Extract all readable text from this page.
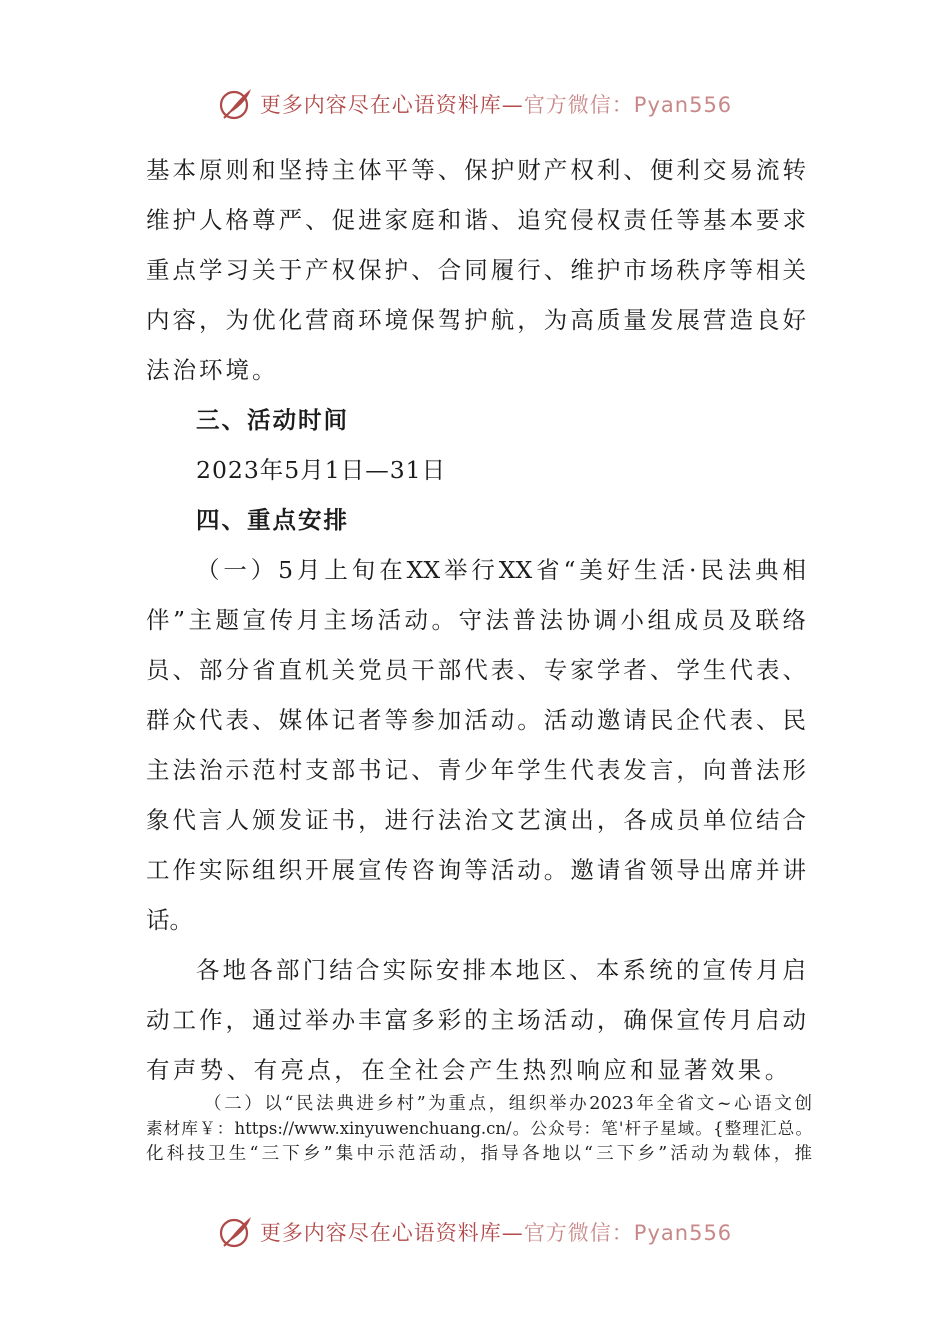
更多内容尽在心语资料库—官方微信：Pyan556
基本原则和坚持主体平等、保护财产权利、便利交易流转
维护人格尊严、促进家庭和谐、追究侵权责任等基本要求
重点学习关于产权保护、合同履行、维护市场秩序等相关
内容，为优化营商环境保驾护航，为高质量发展营造良好
法治环境。
三、活动时间
2023年5月1日—31日
四、重点安排
（一）5月上旬在XX举行XX省“美好生活·民法典相
伴”主题宣传月主场活动。守法普法协调小组成员及联络
员、部分省直机关党员干部代表、专家学者、学生代表、
群众代表、媒体记者等参加活动。活动邀请民企代表、民
主法治示范村支部书记、青少年学生代表发言，向普法形
象代言人颁发证书，进行法治文艺演出，各成员单位结合
工作实际组织开展宣传咨询等活动。邀请省领导出席并讲
话。
各地各部门结合实际安排本地区、本系统的宣传月启
动工作，通过举办丰富多彩的主场活动，确保宣传月启动
有声势、有亮点，在全社会产生热烈响应和显著效果。
（二）以“民法典进乡村”为重点，组织举办2023年全省文~心语文创
素材库￥：https://www.xinyuwenchuang.cn/。公众号：笔'杆子星域。{整理汇总。
化科技卫生“三下乡”集中示范活动，指导各地以“三下乡”活动为载体，推
更多内容尽在心语资料库—官方微信：Pyan556
